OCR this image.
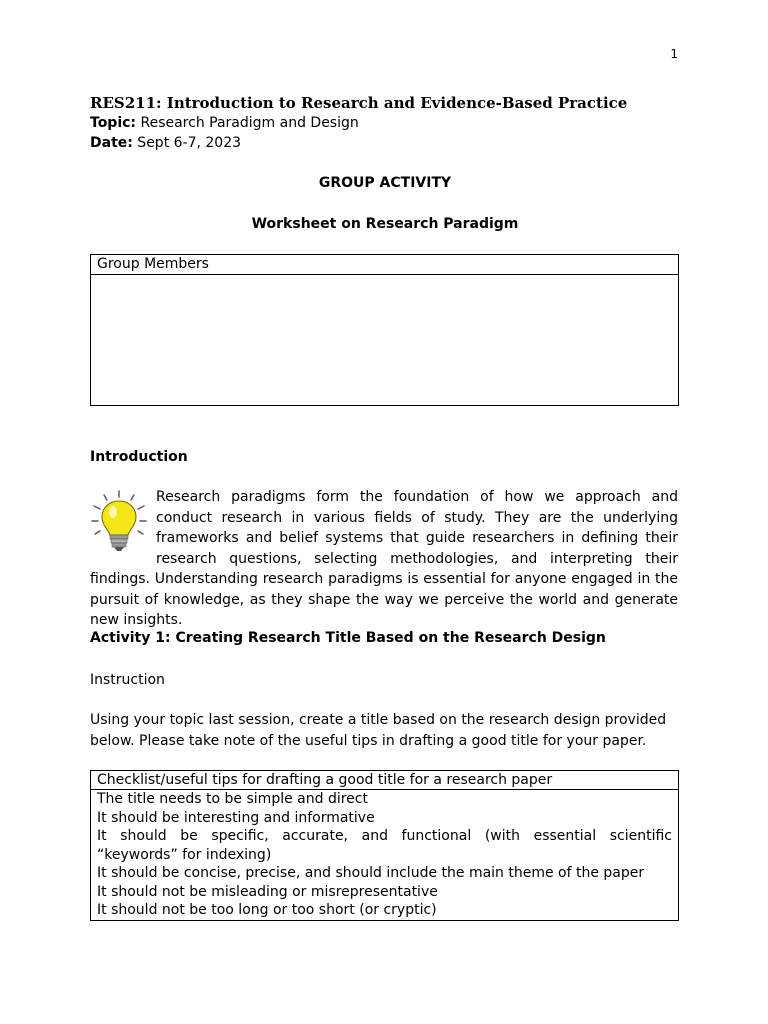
1
RES211: Introduction to Research and Evidence-Based Practice
Topic: Research Paradigm and Design
Date: Sept 6-7, 2023
GROUP ACTIVITY
Worksheet on Research Paradigm
Group Members
Introduction
Research paradigms form the foundation of how we approach and conduct research in various fields of study. They are the underlying frameworks and belief systems that guide researchers in defining their research questions, selecting methodologies, and interpreting their findings. Understanding research paradigms is essential for anyone engaged in the pursuit of knowledge, as they shape the way we perceive the world and generate new insights.
Activity 1: Creating Research Title Based on the Research Design
Instruction
Using your topic last session, create a title based on the research design provided below. Please take note of the useful tips in drafting a good title for your paper.
Checklist/useful tips for drafting a good title for a research paper
The title needs to be simple and direct
It should be interesting and informative
It should be specific, accurate, and functional (with essential scientific “keywords” for indexing)
It should be concise, precise, and should include the main theme of the paper
It should not be misleading or misrepresentative
It should not be too long or too short (or cryptic)
